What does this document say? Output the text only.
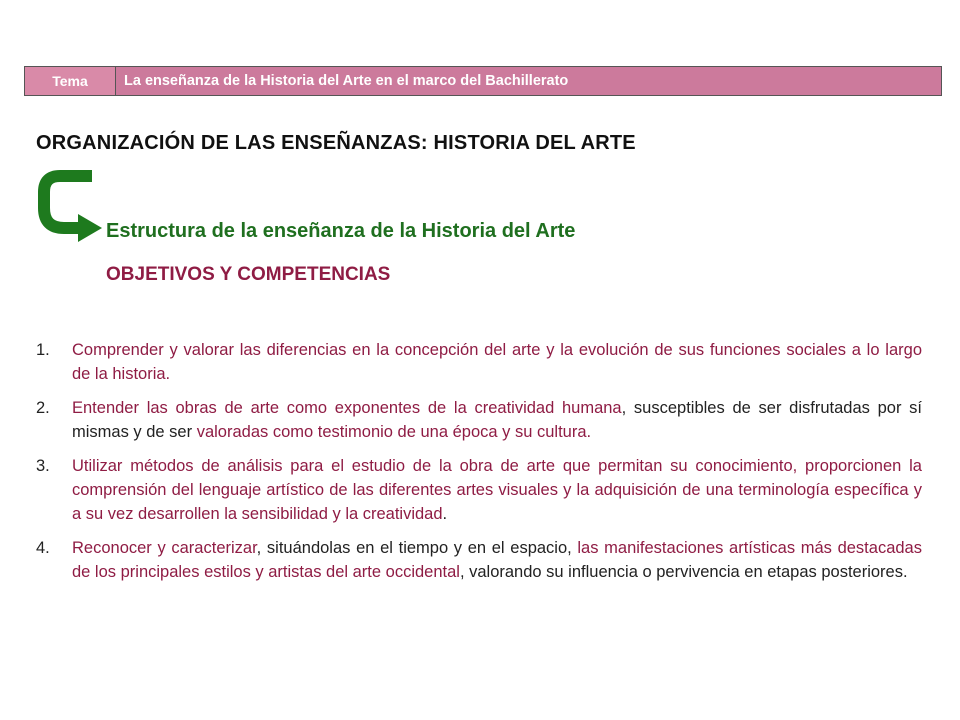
Tema	La enseñanza de la Historia del Arte en el marco del Bachillerato
ORGANIZACIÓN DE LAS ENSEÑANZAS: HISTORIA DEL ARTE
Estructura de la enseñanza de la Historia del Arte
OBJETIVOS Y COMPETENCIAS
1. Comprender y valorar las diferencias en la concepción del arte y la evolución de sus funciones sociales a lo largo de la historia.
2. Entender las obras de arte como exponentes de la creatividad humana, susceptibles de ser disfrutadas por sí mismas y de ser valoradas como testimonio de una época y su cultura.
3. Utilizar métodos de análisis para el estudio de la obra de arte que permitan su conocimiento, proporcionen la comprensión del lenguaje artístico de las diferentes artes visuales y la adquisición de una terminología específica y a su vez desarrollen la sensibilidad y la creatividad.
4. Reconocer y caracterizar, situándolas en el tiempo y en el espacio, las manifestaciones artísticas más destacadas de los principales estilos y artistas del arte occidental, valorando su influencia o pervivencia en etapas posteriores.
